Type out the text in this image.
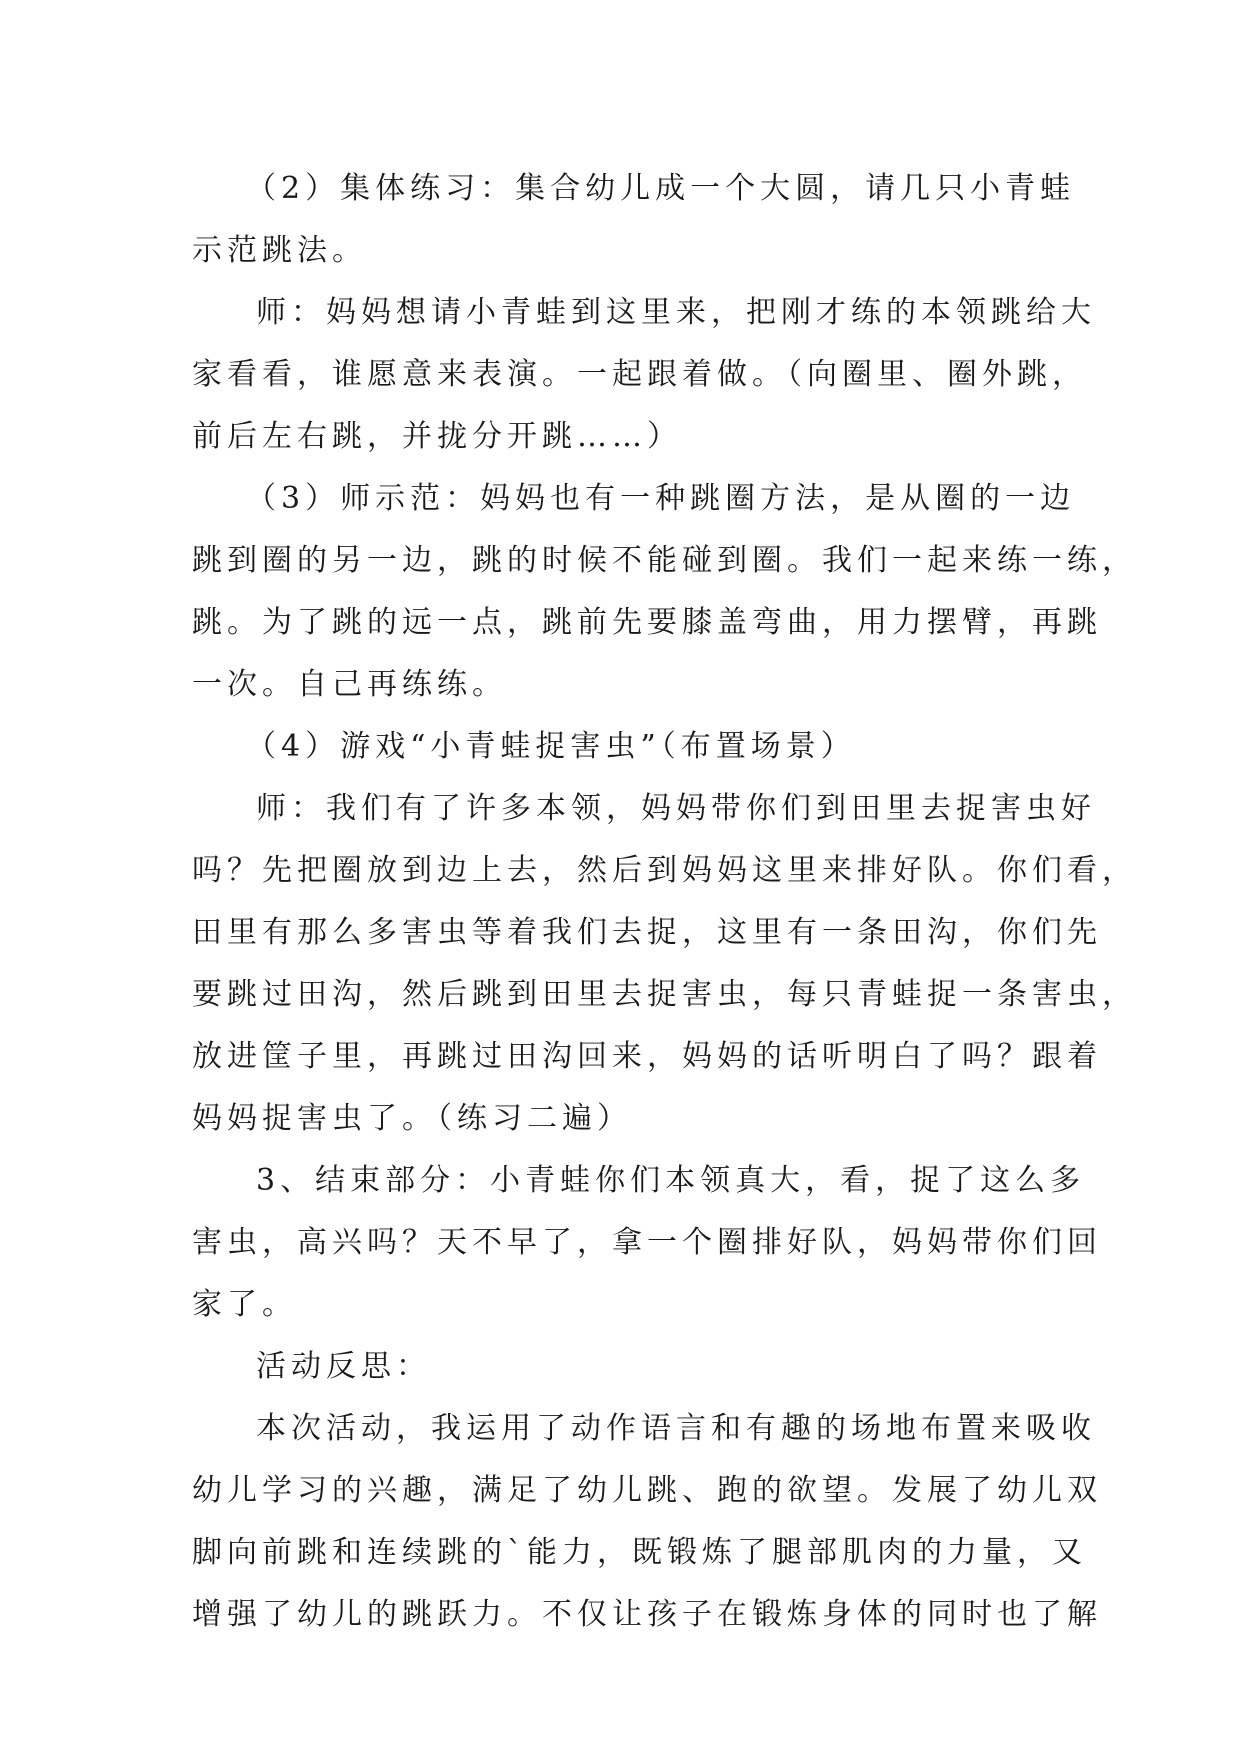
（2）集体练习：集合幼儿成一个大圆，请几只小青蛙
示范跳法。
师：妈妈想请小青蛙到这里来，把刚才练的本领跳给大
家看看，谁愿意来表演。一起跟着做。（向圈里、圈外跳，
前后左右跳，并拢分开跳……）
（3）师示范：妈妈也有一种跳圈方法，是从圈的一边
跳到圈的另一边，跳的时候不能碰到圈。我们一起来练一练，
跳。为了跳的远一点，跳前先要膝盖弯曲，用力摆臂，再跳
一次。自己再练练。
（4）游戏“小青蛙捉害虫”（布置场景）
师：我们有了许多本领，妈妈带你们到田里去捉害虫好
吗？先把圈放到边上去，然后到妈妈这里来排好队。你们看，
田里有那么多害虫等着我们去捉，这里有一条田沟，你们先
要跳过田沟，然后跳到田里去捉害虫，每只青蛙捉一条害虫，
放进筐子里，再跳过田沟回来，妈妈的话听明白了吗？跟着
妈妈捉害虫了。（练习二遍）
3、结束部分：小青蛙你们本领真大，看，捉了这么多
害虫，高兴吗？天不早了，拿一个圈排好队，妈妈带你们回
家了。
活动反思：
本次活动，我运用了动作语言和有趣的场地布置来吸收
幼儿学习的兴趣，满足了幼儿跳、跑的欲望。发展了幼儿双
脚向前跳和连续跳的`能力，既锻炼了腿部肌肉的力量，又
增强了幼儿的跳跃力。不仅让孩子在锻炼身体的同时也了解
